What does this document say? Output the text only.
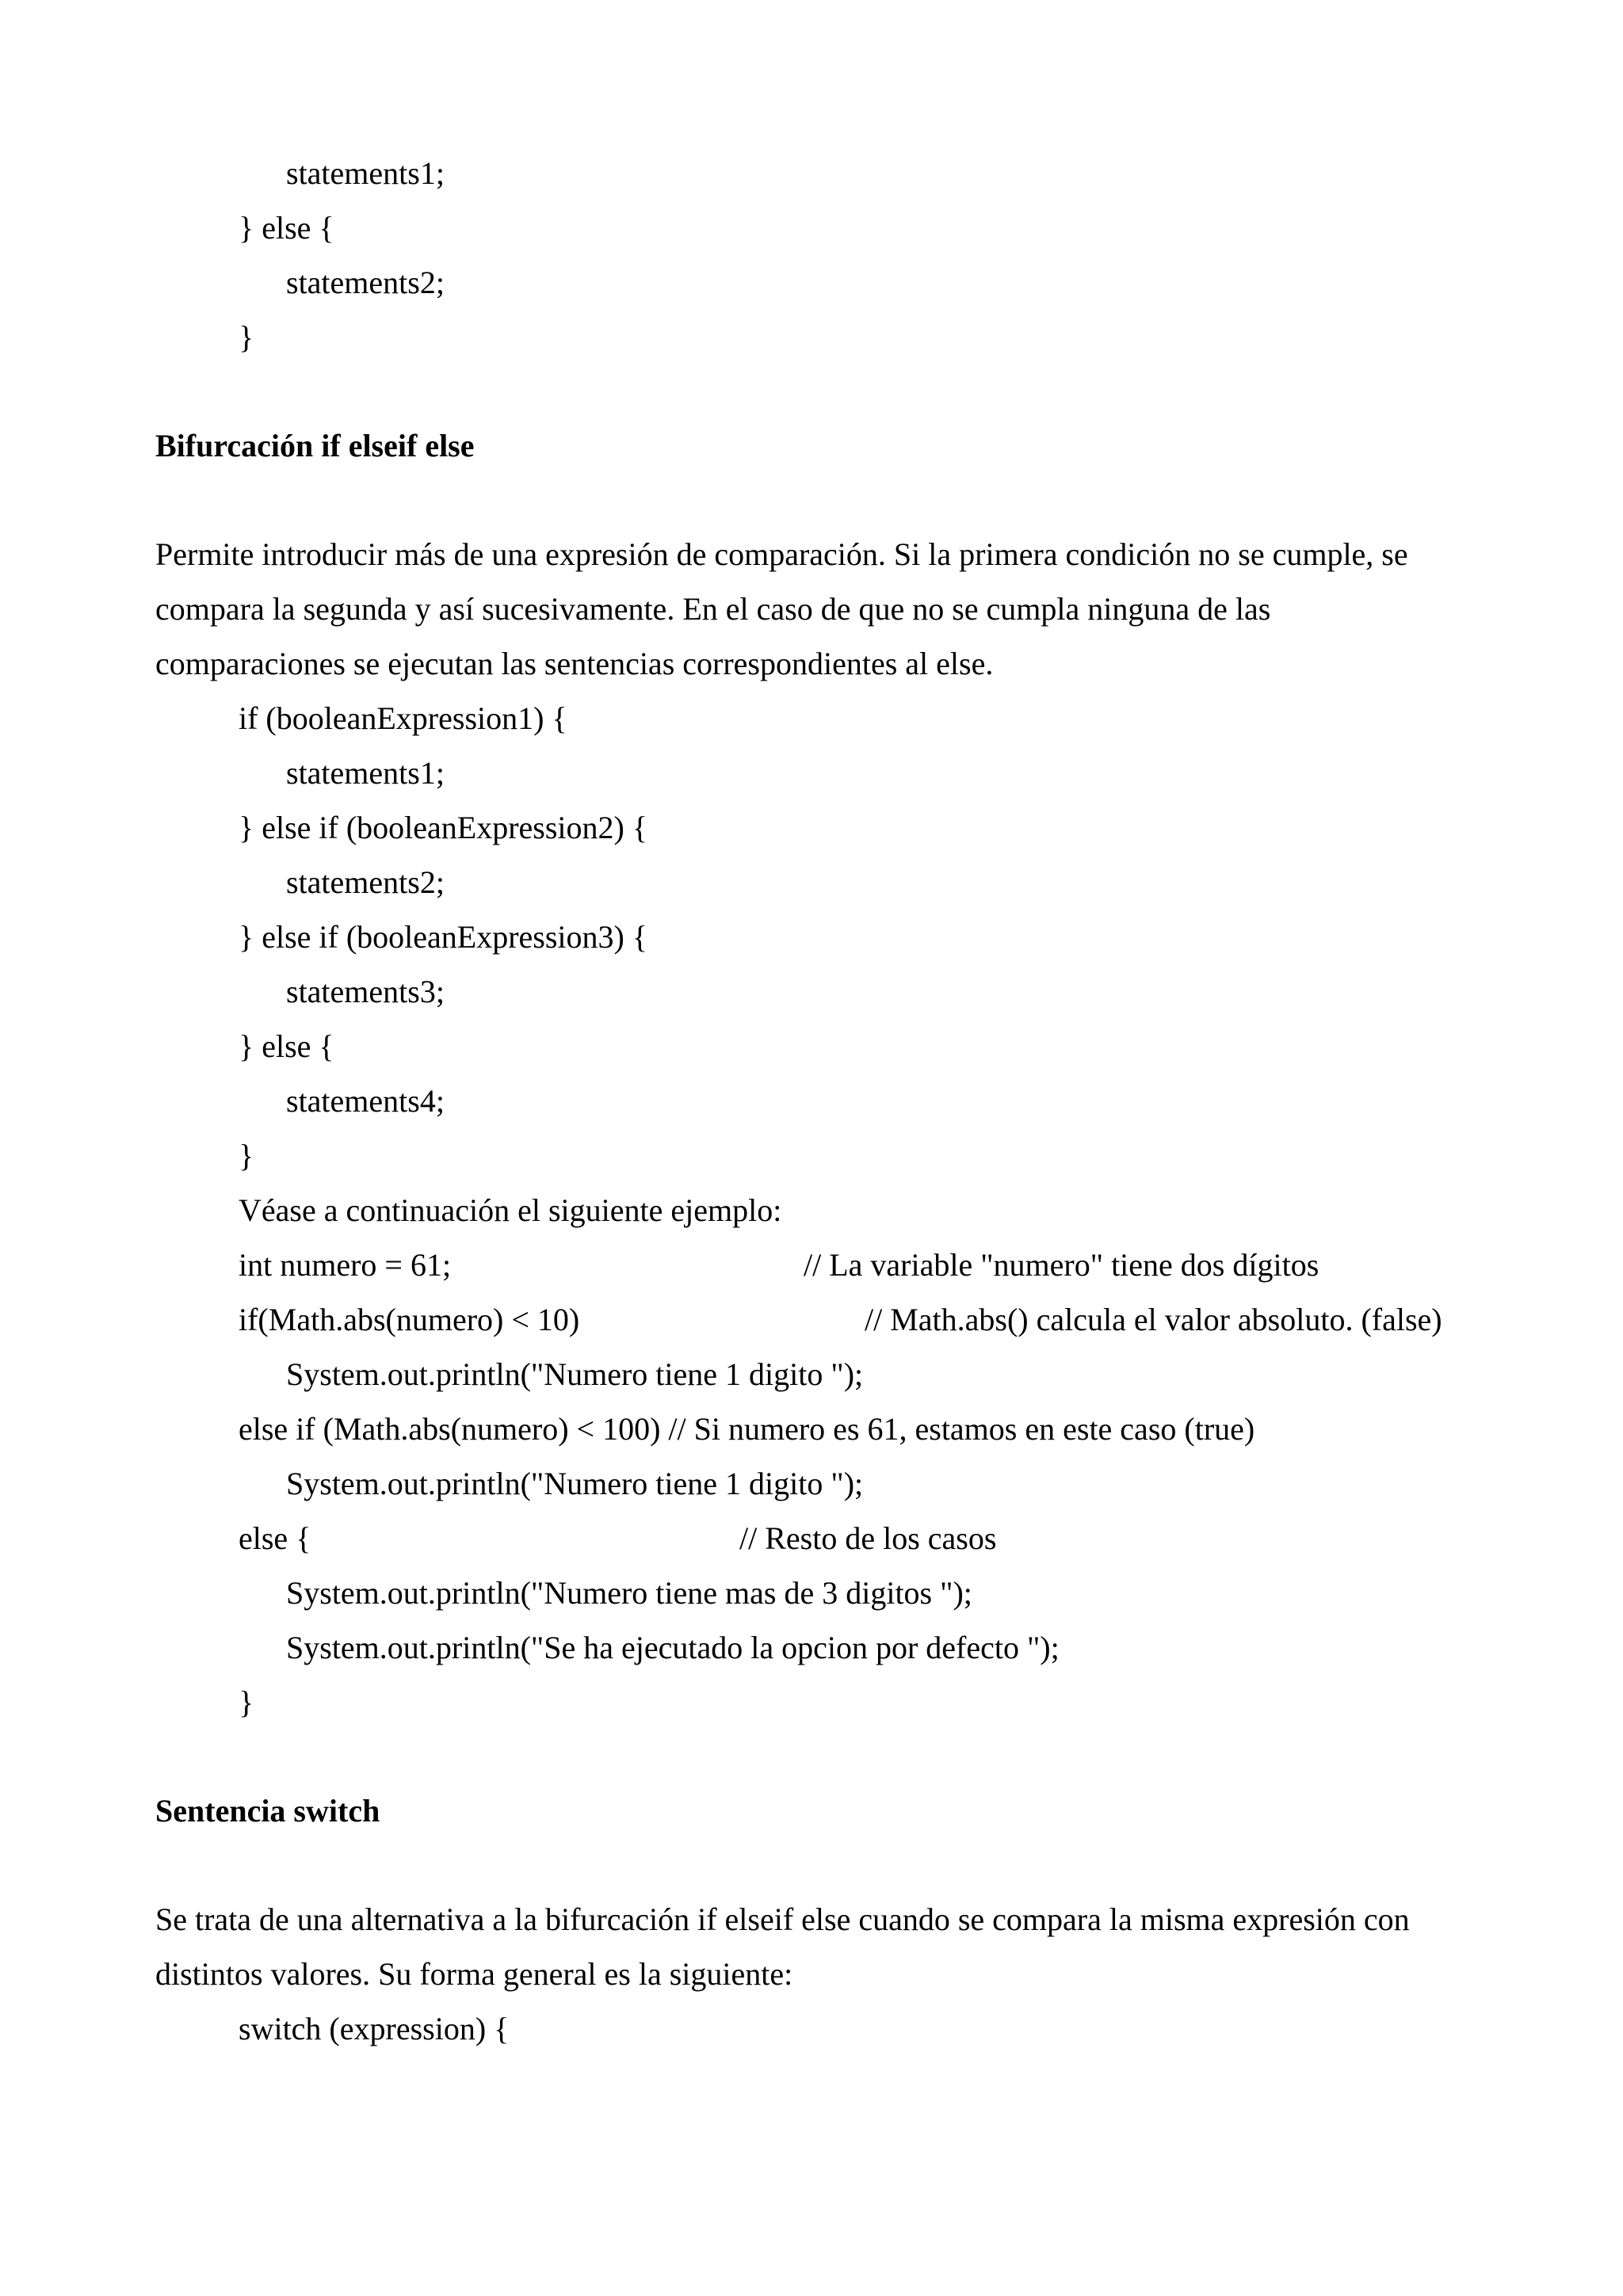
statements1;
} else {
statements2;
}
Bifurcación if elseif else
Permite introducir más de una expresión de comparación. Si la primera condición no se cumple, se
compara la segunda y así sucesivamente. En el caso de que no se cumpla ninguna de las
comparaciones se ejecutan las sentencias correspondientes al else.
if (booleanExpression1) {
statements1;
} else if (booleanExpression2) {
statements2;
} else if (booleanExpression3) {
statements3;
} else {
statements4;
}
Véase a continuación el siguiente ejemplo:
int numero = 61;	// La variable "numero" tiene dos dígitos
if(Math.abs(numero) < 10)	// Math.abs() calcula el valor absoluto. (false)
System.out.println("Numero tiene 1 digito ");
else if (Math.abs(numero) < 100) // Si numero es 61, estamos en este caso (true)
System.out.println("Numero tiene 1 digito ");
else {	// Resto de los casos
System.out.println("Numero tiene mas de 3 digitos ");
System.out.println("Se ha ejecutado la opcion por defecto ");
}
Sentencia switch
Se trata de una alternativa a la bifurcación if elseif else cuando se compara la misma expresión con
distintos valores. Su forma general es la siguiente:
switch (expression) {
